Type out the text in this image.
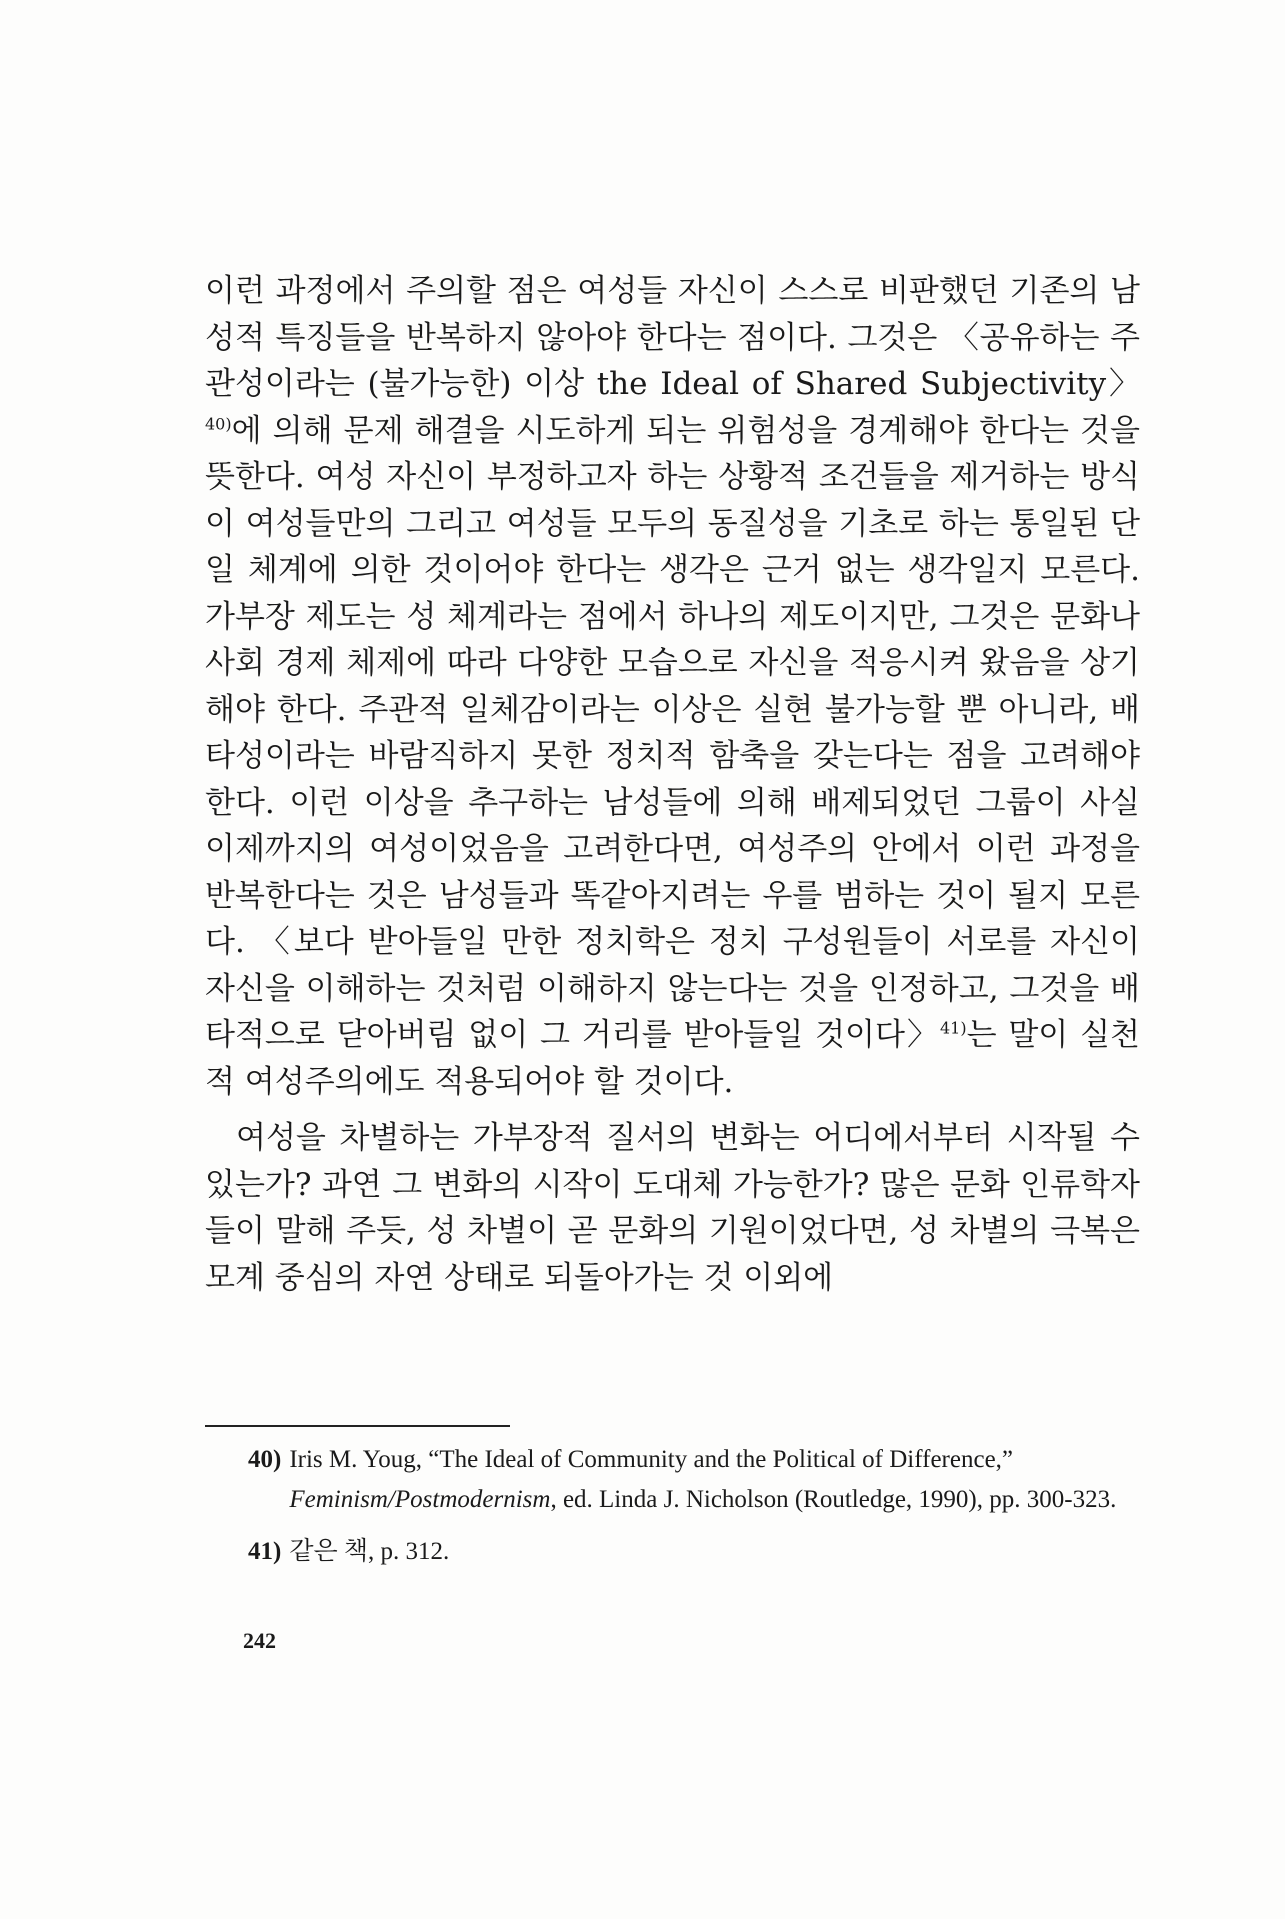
이런 과정에서 주의할 점은 여성들 자신이 스스로 비판했던 기존의 남성적 특징들을 반복하지 않아야 한다는 점이다. 그것은 〈공유하는 주관성이라는 (불가능한) 이상 the Ideal of Shared Subjectivity〉$^{40)}$에 의해 문제 해결을 시도하게 되는 위험성을 경계해야 한다는 것을 뜻한다. 여성 자신이 부정하고자 하는 상황적 조건들을 제거하는 방식이 여성들만의 그리고 여성들 모두의 동질성을 기초로 하는 통일된 단일 체계에 의한 것이어야 한다는 생각은 근거 없는 생각일지 모른다. 가부장 제도는 성 체계라는 점에서 하나의 제도이지만, 그것은 문화나 사회 경제 체제에 따라 다양한 모습으로 자신을 적응시켜 왔음을 상기해야 한다. 주관적 일체감이라는 이상은 실현 불가능할 뿐 아니라, 배타성이라는 바람직하지 못한 정치적 함축을 갖는다는 점을 고려해야 한다. 이런 이상을 추구하는 남성들에 의해 배제되었던 그룹이 사실 이제까지의 여성이었음을 고려한다면, 여성주의 안에서 이런 과정을 반복한다는 것은 남성들과 똑같아지려는 우를 범하는 것이 될지 모른다. 〈보다 받아들일 만한 정치학은 정치 구성원들이 서로를 자신이 자신을 이해하는 것처럼 이해하지 않는다는 것을 인정하고, 그것을 배타적으로 닫아버림 없이 그 거리를 받아들일 것이다〉$^{41)}$는 말이 실천적 여성주의에도 적용되어야 할 것이다.

여성을 차별하는 가부장적 질서의 변화는 어디에서부터 시작될 수 있는가? 과연 그 변화의 시작이 도대체 가능한가? 많은 문화 인류학자들이 말해 주듯, 성 차별이 곧 문화의 기원이었다면, 성 차별의 극복은 모계 중심의 자연 상태로 되돌아가는 것 이외에

40) Iris M. Youg, “The Ideal of Community and the Political of Difference,” Feminism/Postmodernism, ed. Linda J. Nicholson (Routledge, 1990), pp. 300-323.
41) 같은 책, p. 312.
242
